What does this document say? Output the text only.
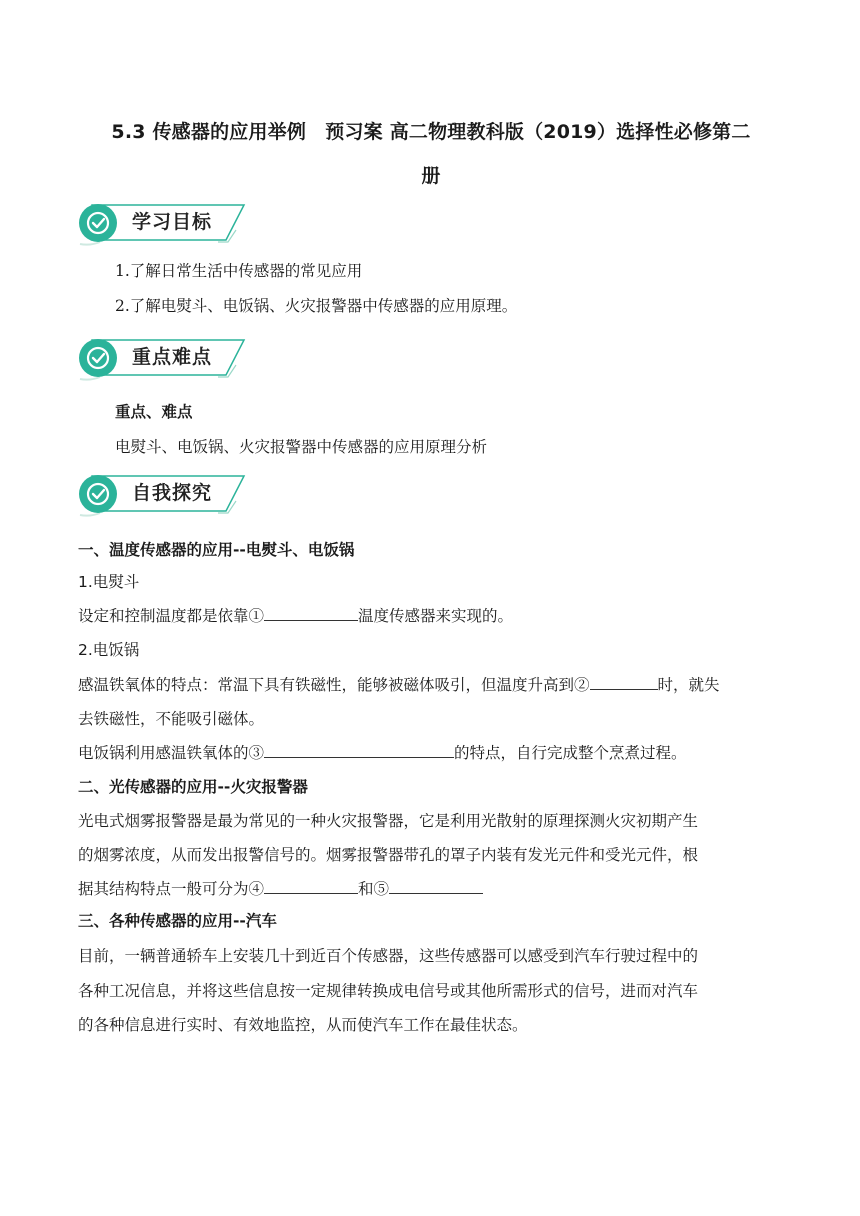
5.3 传感器的应用举例　预习案 高二物理教科版（2019）选择性必修第二
册
学习目标
1.了解日常生活中传感器的常见应用
2.了解电熨斗、电饭锅、火灾报警器中传感器的应用原理。
重点难点
重点、难点
电熨斗、电饭锅、火灾报警器中传感器的应用原理分析
自我探究
一、温度传感器的应用--电熨斗、电饭锅
1.电熨斗
设定和控制温度都是依靠①	温度传感器来实现的。
2.电饭锅
感温铁氧体的特点：常温下具有铁磁性，能够被磁体吸引，但温度升高到②	时，就失
去铁磁性，不能吸引磁体。
电饭锅利用感温铁氧体的③	的特点，自行完成整个烹煮过程。
二、光传感器的应用--火灾报警器
光电式烟雾报警器是最为常见的一种火灾报警器，它是利用光散射的原理探测火灾初期产生
的烟雾浓度，从而发出报警信号的。烟雾报警器带孔的罩子内装有发光元件和受光元件，根
据其结构特点一般可分为④	和⑤
三、各种传感器的应用--汽车
目前，一辆普通轿车上安装几十到近百个传感器，这些传感器可以感受到汽车行驶过程中的
各种工况信息，并将这些信息按一定规律转换成电信号或其他所需形式的信号，进而对汽车
的各种信息进行实时、有效地监控，从而使汽车工作在最佳状态。
